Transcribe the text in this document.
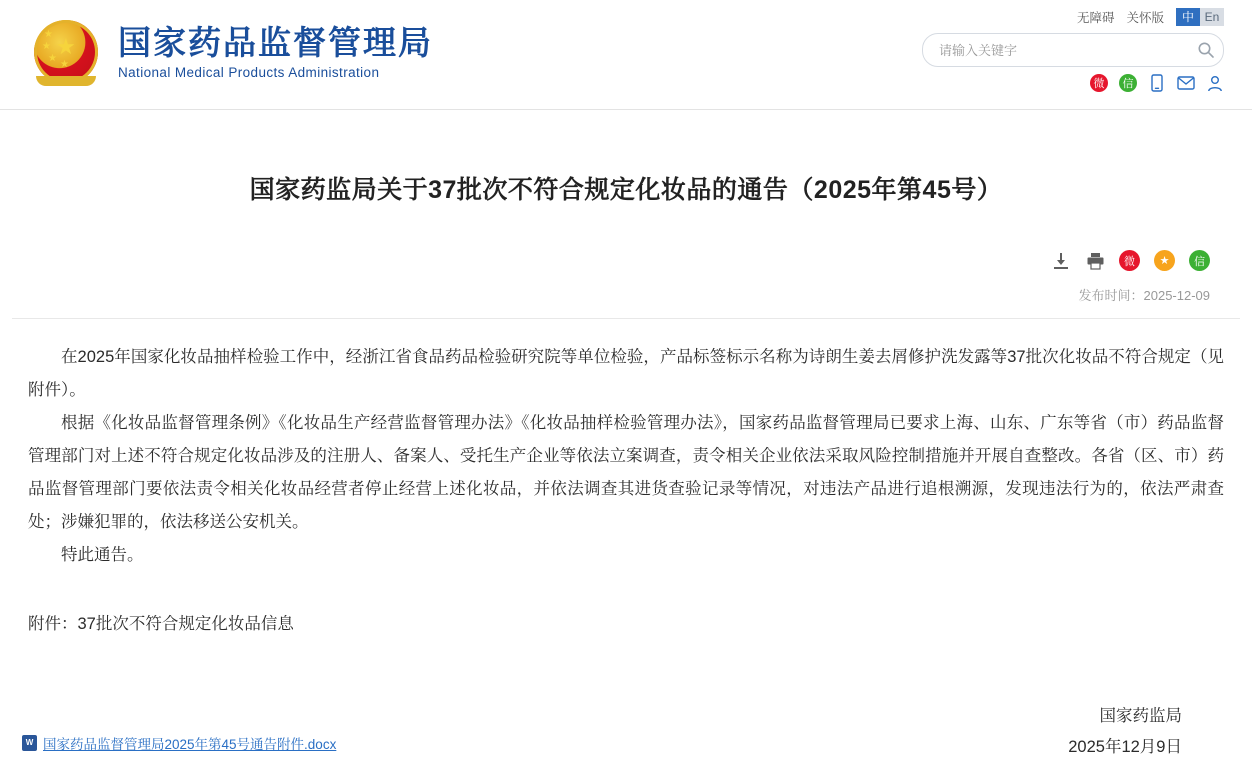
★
★
★
★
★
国家药品监督管理局
National Medical Products Administration
无障碍 关怀版	中 En
请输入关键字
微	信
国家药监局关于37批次不符合规定化妆品的通告（2025年第45号）
微	★	信
发布时间：2025-12-09

在2025年国家化妆品抽样检验工作中，经浙江省食品药品检验研究院等单位检验，产品标签标示名称为诗朗生姜去屑修护洗发露等37批次化妆品不符合规定（见附件）。

根据《化妆品监督管理条例》《化妆品生产经营监督管理办法》《化妆品抽样检验管理办法》，国家药品监督管理局已要求上海、山东、广东等省（市）药品监督管理部门对上述不符合规定化妆品涉及的注册人、备案人、受托生产企业等依法立案调查，责令相关企业依法采取风险控制措施并开展自查整改。各省（区、市）药品监督管理部门要依法责令相关化妆品经营者停止经营上述化妆品，并依法调查其进货查验记录等情况，对违法产品进行追根溯源，发现违法行为的，依法严肃查处；涉嫌犯罪的，依法移送公安机关。

特此通告。

附件：37批次不符合规定化妆品信息
国家药监局
2025年12月9日
W 国家药品监督管理局2025年第45号通告附件.docx
